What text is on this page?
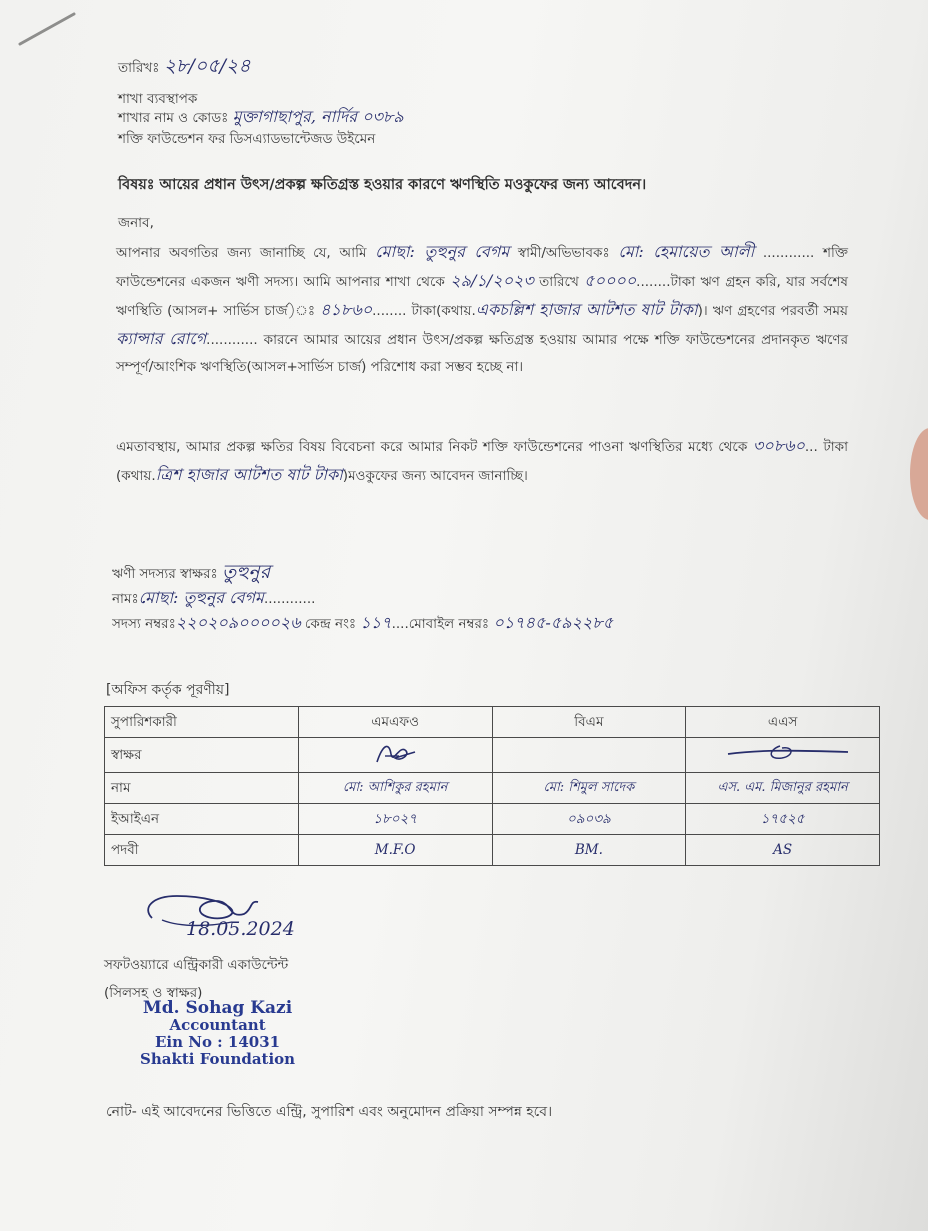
তারিখঃ ২৮/০৫/২৪
শাখা ব্যবস্থাপক
শাখার নাম ও কোডঃ মুক্তাগাছাপুর, নার্দির ০৩৮৯
শক্তি ফাউন্ডেশন ফর ডিসএ্যাডভান্টেজড উইমেন
বিষয়ঃ আয়ের প্রধান উৎস/প্রকল্প ক্ষতিগ্রস্ত হওয়ার কারণে ঋণস্থিতি মওকুফের জন্য আবেদন।
জনাব,
আপনার অবগতির জন্য জানাচ্ছি যে, আমি মোছা: তুহুনুর বেগম স্বামী/অভিভাবকঃ মো: হেমায়েত আলী ............ শক্তি ফাউন্ডেশনের একজন ঋণী সদস্য। আমি আপনার শাখা থেকে ২৯/১/২০২৩ তারিখে ৫০০০০........টাকা ঋণ গ্রহন করি, যার সর্বশেষ ঋণস্থিতি (আসল+ সার্ভিস চার্জ)ঃ ৪১৮৬০........ টাকা(কথায়.একচল্লিশ হাজার আটশত ষাট টাকা)। ঋণ গ্রহণের পরবর্তী সময় ক্যান্সার রোগে............ কারনে আমার আয়ের প্রধান উৎস/প্রকল্প ক্ষতিগ্রস্ত হওয়ায় আমার পক্ষে শক্তি ফাউন্ডেশনের প্রদানকৃত ঋণের সম্পূর্ণ/আংশিক ঋণস্থিতি(আসল+সার্ভিস চার্জ) পরিশোধ করা সম্ভব হচ্ছে না।
এমতাবস্থায়, আমার প্রকল্প ক্ষতির বিষয় বিবেচনা করে আমার নিকট শক্তি ফাউন্ডেশনের পাওনা ঋণস্থিতির মধ্যে থেকে ৩০৮৬০... টাকা (কথায়.ত্রিশ হাজার আটশত ষাট টাকা)মওকুফের জন্য আবেদন জানাচ্ছি।
ঋণী সদস্যর স্বাক্ষরঃ তুহুনুর
নামঃমোছা: তুহুনুর বেগম............
সদস্য নম্বরঃ২২০২০৯০০০০২৬ কেন্দ্র নংঃ ১১৭....মোবাইল নম্বরঃ ০১৭৪৫-৫৯২২৮৫
[অফিস কর্তৃক পূরণীয়]
সুপারিশকারী	এমএফও	বিএম	এএস
স্বাক্ষর			
নাম	মো: আশিকুর রহমান	মো: শিমুল সাদেক	এস. এম. মিজানুর রহমান
ইআইএন	১৮০২৭	০৯০৩৯	১৭৫২৫
পদবী	M.F.O	BM.	AS
18.05.2024
সফটওয়্যারে এন্ট্রিকারী একাউন্টেন্ট
(সিলসহ ও স্বাক্ষর)
Md. Sohag Kazi
Accountant
Ein No : 14031
Shakti Foundation
নোট- এই আবেদনের ভিত্তিতে এন্ট্রি, সুপারিশ এবং অনুমোদন প্রক্রিয়া সম্পন্ন হবে।
